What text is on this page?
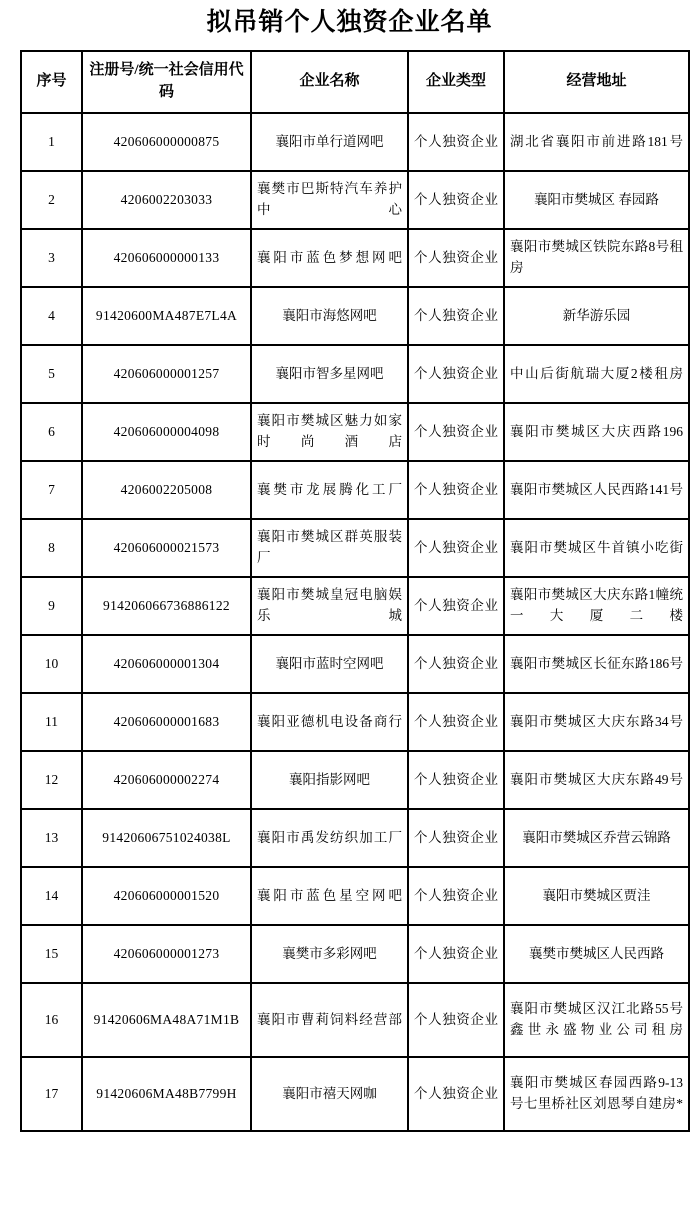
拟吊销个人独资企业名单
序号	注册号/统一社会信用代码	企业名称	企业类型	经营地址
1	420606000000875	襄阳市单行道网吧	个人独资企业	湖北省襄阳市前进路181号
2	4206002203033	襄樊市巴斯特汽车养护中心	个人独资企业	襄阳市樊城区 春园路
3	420606000000133	襄阳市蓝色梦想网吧	个人独资企业	襄阳市樊城区铁院东路8号租房
4	91420600MA487E7L4A	襄阳市海悠网吧	个人独资企业	新华游乐园
5	420606000001257	襄阳市智多星网吧	个人独资企业	中山后街航瑞大厦2楼租房
6	420606000004098	襄阳市樊城区魅力如家时尚酒店	个人独资企业	襄阳市樊城区大庆西路196
7	4206002205008	襄樊市龙展腾化工厂	个人独资企业	襄阳市樊城区人民西路141号
8	420606000021573	襄阳市樊城区群英服装厂	个人独资企业	襄阳市樊城区牛首镇小吃街
9	914206066736886122	襄阳市樊城皇冠电脑娱乐城	个人独资企业	襄阳市樊城区大庆东路1幢统一大厦二楼
10	420606000001304	襄阳市蓝时空网吧	个人独资企业	襄阳市樊城区长征东路186号
11	420606000001683	襄阳亚德机电设备商行	个人独资企业	襄阳市樊城区大庆东路34号
12	420606000002274	襄阳指影网吧	个人独资企业	襄阳市樊城区大庆东路49号
13	91420606751024038L	襄阳市禹发纺织加工厂	个人独资企业	襄阳市樊城区乔营云锦路
14	420606000001520	襄阳市蓝色星空网吧	个人独资企业	襄阳市樊城区贾洼
15	420606000001273	襄樊市多彩网吧	个人独资企业	襄樊市樊城区人民西路
16	91420606MA48A71M1B	襄阳市曹莉饲料经营部	个人独资企业	襄阳市樊城区汉江北路55号鑫世永盛物业公司租房
17	91420606MA48B7799H	襄阳市禧天网咖	个人独资企业	襄阳市樊城区春园西路9-13号七里桥社区刘恩琴自建房*
